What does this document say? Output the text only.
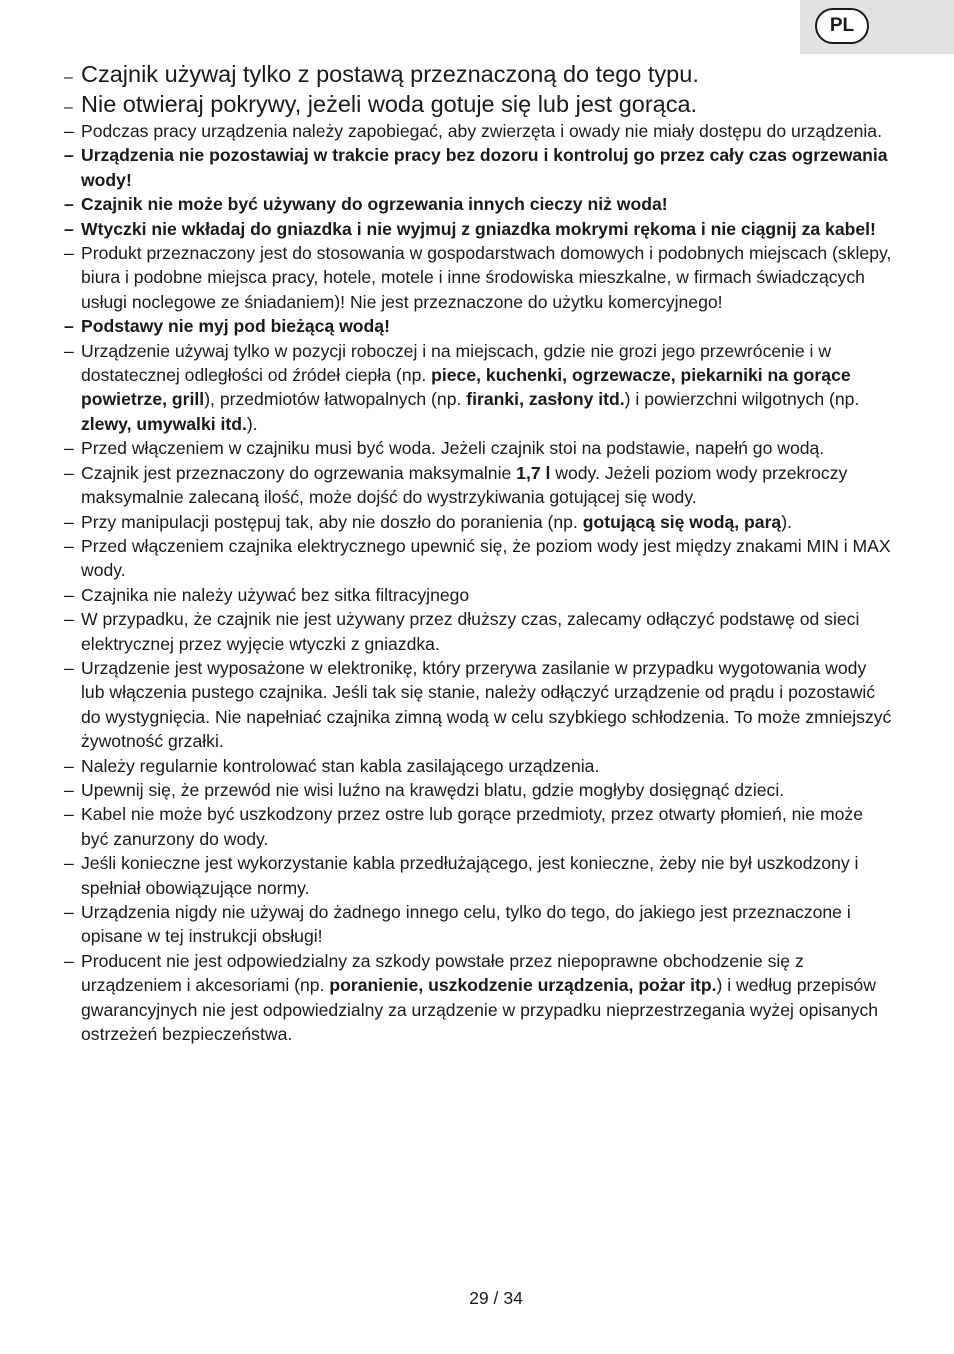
PL
– Czajnik używaj tylko z postawą przeznaczoną do tego typu.
– Nie otwieraj pokrywy, jeżeli woda gotuje się lub jest gorąca.
– Podczas pracy urządzenia należy zapobiegać, aby zwierzęta i owady nie miały dostępu do urządzenia.
– Urządzenia nie pozostawiaj w trakcie pracy bez dozoru i kontroluj go przez cały czas ogrzewania wody!
– Czajnik nie może być używany do ogrzewania innych cieczy niż woda!
– Wtyczki nie wkładaj do gniazdka i nie wyjmuj z gniazdka mokrymi rękoma i nie ciągnij za kabel!
– Produkt przeznaczony jest do stosowania w gospodarstwach domowych i podobnych miejscach (sklepy, biura i podobne miejsca pracy, hotele, motele i inne środowiska mieszkalne, w firmach świadczących usługi noclegowe ze śniadaniem)! Nie jest przeznaczone do użytku komercyjnego!
– Podstawy nie myj pod bieżącą wodą!
– Urządzenie używaj tylko w pozycji roboczej i na miejscach, gdzie nie grozi jego przewrócenie i w dostatecznej odległości od źródeł ciepła (np. piece, kuchenki, ogrzewacze, piekarniki na gorące powietrze, grill), przedmiotów łatwopalnych (np. firanki, zasłony itd.) i powierzchni wilgotnych (np. zlewy, umywalki itd.).
– Przed włączeniem w czajniku musi być woda. Jeżeli czajnik stoi na podstawie, napełń go wodą.
– Czajnik jest przeznaczony do ogrzewania maksymalnie 1,7 l wody. Jeżeli poziom wody przekroczy maksymalnie zalecaną ilość, może dojść do wystrzykiwania gotującej się wody.
– Przy manipulacji postępuj tak, aby nie doszło do poranienia (np. gotującą się wodą, parą).
– Przed włączeniem czajnika elektrycznego upewnić się, że poziom wody jest między znakami MIN i MAX wody.
– Czajnika nie należy używać bez sitka filtracyjnego
– W przypadku, że czajnik nie jest używany przez dłuższy czas, zalecamy odłączyć podstawę od sieci elektrycznej przez wyjęcie wtyczki z gniazdka.
– Urządzenie jest wyposażone w elektronikę, który przerywa zasilanie w przypadku wygotowania wody lub włączenia pustego czajnika. Jeśli tak się stanie, należy odłączyć urządzenie od prądu i pozostawić do wystygnięcia. Nie napełniać czajnika zimną wodą w celu szybkiego schłodzenia. To może zmniejszyć żywotność grzałki.
– Należy regularnie kontrolować stan kabla zasilającego urządzenia.
– Upewnij się, że przewód nie wisi luźno na krawędzi blatu, gdzie mogłyby dosięgnąć dzieci.
– Kabel nie może być uszkodzony przez ostre lub gorące przedmioty, przez otwarty płomień, nie może być zanurzony do wody.
– Jeśli konieczne jest wykorzystanie kabla przedłużającego, jest konieczne, żeby nie był uszkodzony i spełniał obowiązujące normy.
– Urządzenia nigdy nie używaj do żadnego innego celu, tylko do tego, do jakiego jest przeznaczone i opisane w tej instrukcji obsługi!
– Producent nie jest odpowiedzialny za szkody powstałe przez niepoprawne obchodzenie się z urządzeniem i akcesoriami (np. poranienie, uszkodzenie urządzenia, pożar itp.) i według przepisów gwarancyjnych nie jest odpowiedzialny za urządzenie w przypadku nieprzestrzegania wyżej opisanych ostrzeżeń bezpieczeństwa.
29 / 34
